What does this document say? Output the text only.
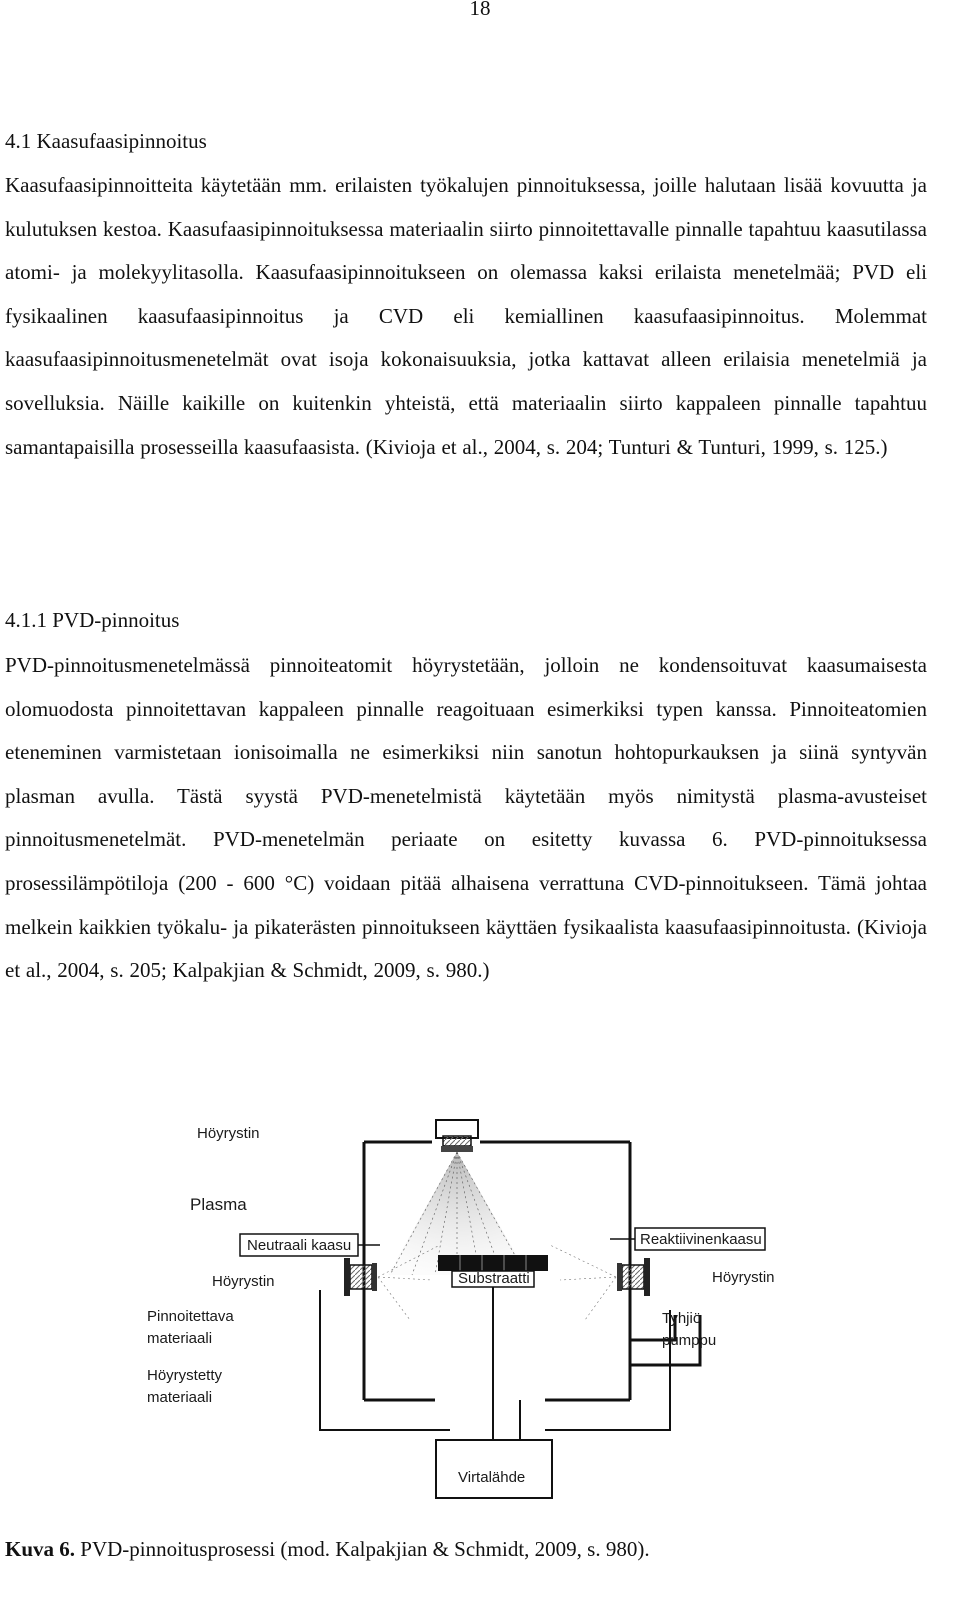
18
4.1 Kaasufaasipinnoitus

Kaasufaasipinnoitteita käytetään mm. erilaisten työkalujen pinnoituksessa, joille halutaan lisää kovuutta ja kulutuksen kestoa. Kaasufaasipinnoituksessa materiaalin siirto pinnoitettavalle pinnalle tapahtuu kaasutilassa atomi- ja molekyylitasolla. Kaasufaasipinnoitukseen on olemassa kaksi erilaista menetelmää; PVD eli fysikaalinen kaasufaasipinnoitus ja CVD eli kemiallinen kaasufaasipinnoitus. Molemmat kaasufaasipinnoitusmenetelmät ovat isoja kokonaisuuksia, jotka kattavat alleen erilaisia menetelmiä ja sovelluksia. Näille kaikille on kuitenkin yhteistä, että materiaalin siirto kappaleen pinnalle tapahtuu samantapaisilla prosesseilla kaasufaasista. (Kivioja et al., 2004, s. 204; Tunturi & Tunturi, 1999, s. 125.)

4.1.1 PVD-pinnoitus

PVD-pinnoitusmenetelmässä pinnoiteatomit höyrystetään, jolloin ne kondensoituvat kaasumaisesta olomuodosta pinnoitettavan kappaleen pinnalle reagoituaan esimerkiksi typen kanssa. Pinnoiteatomien eteneminen varmistetaan ionisoimalla ne esimerkiksi niin sanotun hohtopurkauksen ja siinä syntyvän plasman avulla. Tästä syystä PVD-menetelmistä käytetään myös nimitystä plasma-avusteiset pinnoitusmenetelmät. PVD-menetelmän periaate on esitetty kuvassa 6. PVD-pinnoituksessa prosessilämpötiloja (200 - 600 °C) voidaan pitää alhaisena verrattuna CVD-pinnoitukseen. Tämä johtaa melkein kaikkien työkalu- ja pikaterästen pinnoitukseen käyttäen fysikaalista kaasufaasipinnoitusta. (Kivioja et al., 2004, s. 205; Kalpakjian & Schmidt, 2009, s. 980.)

Höyrystin
Plasma
Neutraali kaasu
Höyrystin
Pinnoitettava
materiaali
Höyrystetty
materiaali
Substraatti
Reaktiivinenkaasu
Höyrystin
Tyhjiö
pumppu
Virtalähde
Kuva 6. PVD-pinnoitusprosessi (mod. Kalpakjian & Schmidt, 2009, s. 980).
